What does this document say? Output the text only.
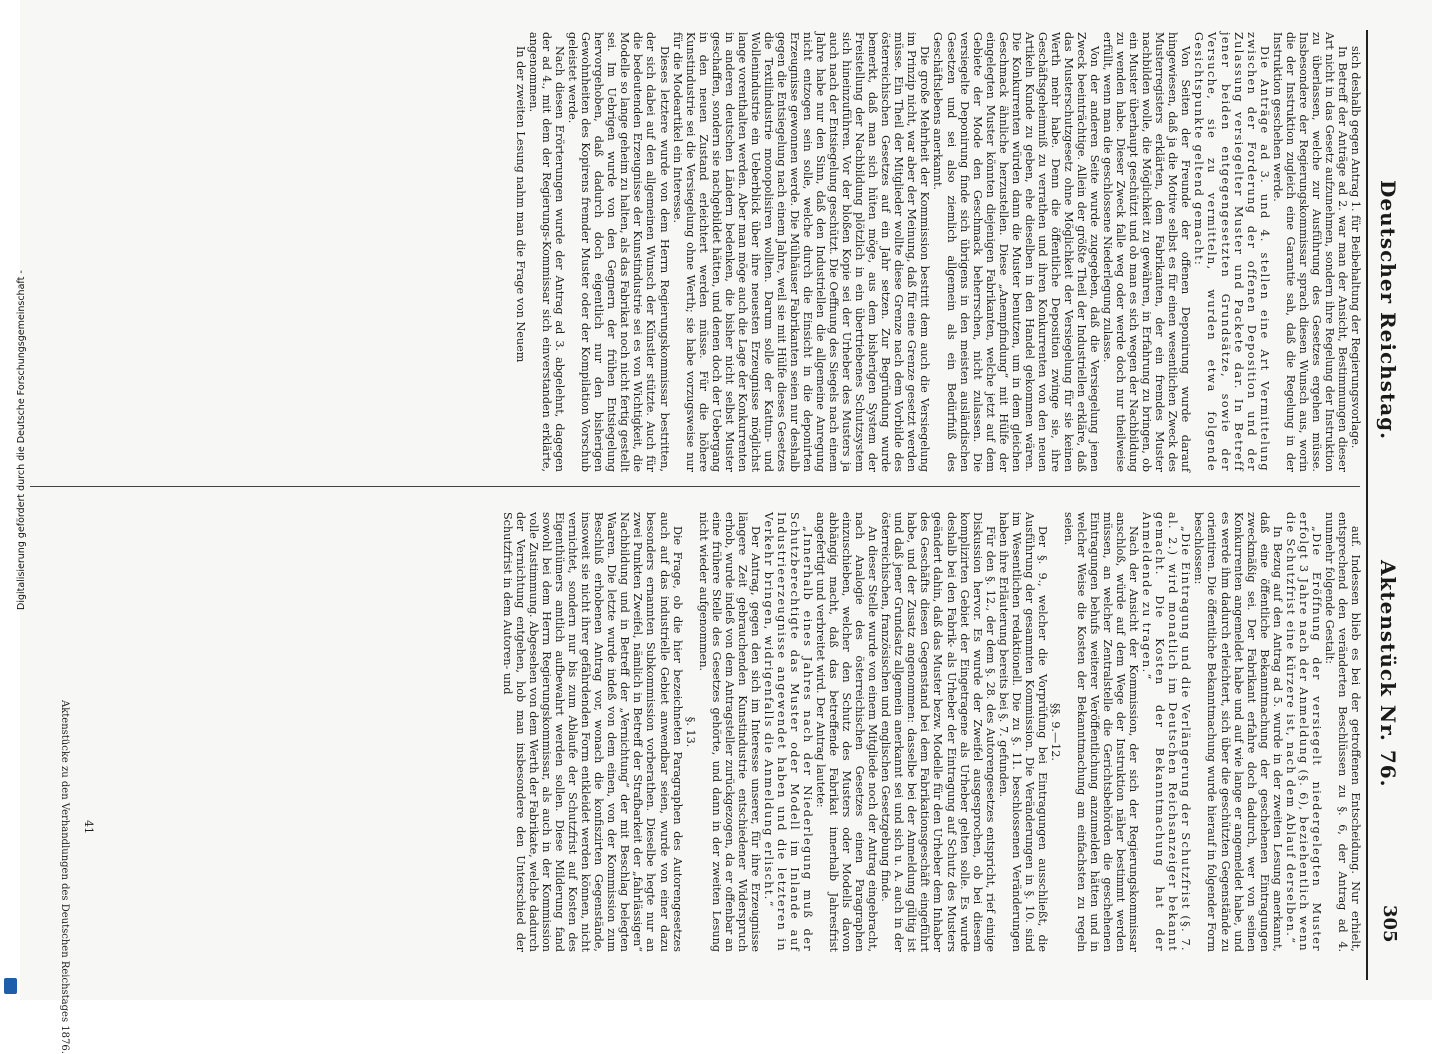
Deutscher Reichstag.
Aktenstück Nr. 76.
305

sich deshalb gegen Antrag 1. für Beibehaltung der Regierungsvorlage.

In Betreff der Anträge ad 2. war man der Ansicht, Bestimmungen dieser Art nicht in das Gesetz aufzunehmen, sondern ihre Regelung der Instruktion zu überlassen, welche zur Ausführung des Gesetzes ergehen müsse. Insbesondere der Regierungskommissar sprach diesen Wunsch aus, worin die der Instruktion zugleich eine Garantie sah, daß die Regelung in der Instruktion geschehen werde.

Die Anträge ad 3. und 4. stellen eine Art Vermittelung zwischen der Forderung der offenen Deposition und der Zulassung versiegelter Muster und Packete dar. In Betreff jener beiden entgegengesetzten Grundsätze, sowie der Versuche, sie zu vermitteln, wurden etwa folgende Gesichtspunkte geltend gemacht:

Von Seiten der Freunde der offenen Deponirung wurde darauf hingewiesen, daß ja die Motive selbst es für einen wesentlichen Zweck des Musterregisters erklärten, dem Fabrikanten, der ein fremdes Muster nachbilden wolle, die Möglichkeit zu gewähren, in Erfahrung zu bringen, ob ein Muster überhaupt geschützt und ob man es sich wegen der Nachbildung zu wenden habe. Dieser Zweck falle weg oder werde doch nur theilweise erfüllt, wenn man die geschlossene Niederlegung zulasse.

Von der anderen Seite wurde zugegeben, daß die Versiegelung jenen Zweck beeinträchtige. Allein der größte Theil der Industriellen erkläre, daß das Musterschutzgesetz ohne Möglichkeit der Versiegelung für sie keinen Werth mehr habe. Denn die öffentliche Deposition zwinge sie, ihre Geschäftsgeheimniß zu verrathen und ihren Konkurrenten von den neuen Artikeln Kunde zu geben, ehe dieselben in den Handel gekommen wären. Die Konkurrenten würden dann die Muster benutzen, um in dem gleichen Geschmack ähnliche herzustellen. Diese „Anempfindung“ mit Hülfe der eingelegten Muster könnten diejenigen Fabrikanten, welche jetzt auf dem Gebiete der Mode den Geschmack beherrschen, nicht zulassen. Die versiegelte Deponirung finde sich übrigens in den meisten ausländischen Gesetzen und sei also ziemlich allgemein als ein Bedürfniß des Geschäftslebens anerkannt.

Die große Mehrheit der Kommission bestritt dem auch die Versiegelung im Prinzip nicht, war aber der Meinung, daß für eine Grenze gesetzt werden müsse. Ein Theil der Mitglieder wollte diese Grenze nach dem Vorbilde des österreichischen Gesetzes auf ein Jahr setzen. Zur Begründung wurde bemerkt, daß man sich hüten möge, aus dem bisherigen System der Freistellung der Nachbildung plötzlich in ein übertriebenes Schutzsystem sich hineinzuführen. Vor der bloßen Kopie sei der Urheber des Musters ja auch nach der Entsiegelung geschützt. Die Oeffnung des Siegels nach einem Jahre habe nur den Sinn, daß den Industriellen die allgemeine Anregung nicht entzogen sein solle, welche durch die Einsicht in die deponirten Erzeugnisse gewonnen werde. Die Mülhäuser Fabrikanten seien nur deshalb gegen die Entsiegelung nach einem Jahre, weil sie mit Hülfe dieses Gesetzes die Textilindustrie monopolisiren wollten. Darum solle der Kattun- und Wollenindustrie ein Ueberblick über ihre neuesten Erzeugnisse möglichst lange vorenthalten werden. Aber man möge auch die Lage der Konkurrenten in anderen deutschen Ländern bedenken, die bisher nicht selbst Muster geschaffen, sondern sie nachgebildet hätten, und denen doch der Uebergang in den neuen Zustand erleichtert werden müsse. Für die höhere Kunstindustrie sei die Versiegelung ohne Werth; sie habe vorzugsweise nur für die Modeartikel ein Interesse.

Dieses letztere wurde von dem Herrn Regierungskommissar bestritten, der sich dabei auf den allgemeinen Wunsch der Künstler stützte. Auch für die bedeutenden Erzeugnisse der Kunstindustrie sei es von Wichtigkeit, die Modelle so lange geheim zu halten, als das Fabrikat noch nicht fertig gestellt sei. Im Uebrigen wurde von den Gegnern der frühen Entsiegelung hervorgehoben, daß dadurch doch eigentlich nur den bisherigen Gewohnheiten des Kopirens fremder Muster oder der Kompilation Vorschub geleistet werde.

Nach diesen Erörterungen wurde der Antrag ad 3. abgelehnt, dagegen der ad 4., mit dem der Regierungs-Kommissar sich einverstanden erklärte, angenommen.

In der zweiten Lesung nahm man die Frage von Neuem

auf. Indessen blieb es bei der getroffenen Entscheidung. Nur erhielt, entsprechend den veränderten Beschlüssen zu §. 6, der Antrag ad 4. nunmehr folgende Gestalt:

„Die Eröffnung der versiegelt niedergelegten Muster erfolgt 3 Jahre nach der Anmeldung (§. 6), beziehentlich wenn die Schutzfrist eine kürzere ist, nach dem Ablauf derselben.“

In Bezug auf den Antrag ad 5. wurde in der zweiten Lesung anerkannt, daß eine öffentliche Bekanntmachung der geschehenen Eintragungen zweckmäßig sei. Der Fabrikant erfahre doch dadurch, wer von seinen Konkurrenten angemeldet habe und auf wie lange er angemeldet habe, und es werde ihm dadurch erleichtert, sich über die geschützten Gegenstände zu orientiren. Die öffentliche Bekanntmachung wurde hierauf in folgender Form beschlossen:

„Die Eintragung und die Verlängerung der Schutzfrist (§. 7. al. 2.) wird monatlich im Deutschen Reichsanzeiger bekannt gemacht. Die Kosten der Bekanntmachung hat der Anmeldende zu tragen.“

Nach der Ansicht der Kommission, der sich der Regierungskommissar anschloß, würde auf dem Wege der Instruktion näher bestimmt werden müssen, an welcher Zentralstelle die Gerichtsbehörden die geschehenen Eintragungen behufs weiterer Veröffentlichung anzumelden hätten und in welcher Weise die Kosten der Bekanntmachung am einfachsten zu regeln seien.

§§. 9.—12.

Der §. 9., welcher die Vorprüfung bei Eintragungen ausschließt, die Ausführung der gesammten Kommission. Die Veränderungen in §. 10. sind im Wesentlichen redaktionell. Die zu §. 11. beschlossenen Veränderungen haben ihre Erläuterung bereits bei §. 7. gefunden.

Für den §. 12., der dem §. 28. des Autorengesetzes entspricht, rief einige Diskussion hervor. Es wurde der Zweifel ausgesprochen, ob bei diesem komplizirten Gebiet der Eingetragene als Urheber gelten solle. Es wurde deshalb bei den Fabrik- als Urheber der Eintragung auf Schutz des Musters geändert dahin, daß das Muster bezw. Modelle für den Urheber dem Inhaber des Geschäfts diesen Gegenstand bei dem Fabrikationsgeschäft eingeführt habe, und der Zusatz angenommen: dasselbe bei der Anmeldung gültig ist und daß jener Grundsatz allgemein anerkannt sei und sich u. A. auch in der österreichischen, französischen und englischen Gesetzgebung finde.

An dieser Stelle wurde von einem Mitgliede noch der Antrag eingebracht, nach Analogie des österreichischen Gesetzes einen Paragraphen einzuschieben, welcher den Schutz des Musters oder Modells davon abhängig macht, daß das betreffende Fabrikat innerhalb Jahresfrist angefertigt und verbreitet wird. Der Antrag lautete:

„Innerhalb eines Jahres nach der Niederlegung muß der Schutzberechtigte das Muster oder Modell im Inlande auf Industrieerzeugnisse angewendet haben und die letzteren in Verkehr bringen, widrigenfalls die Anmeldung erlischt.“

Der Antrag, gegen den sich im Interesse unserer, für ihre Erzeugnisse längere Zeit gebrauchenden Kunstindustrie entschiedener Widerspruch erhob, wurde indeß von dem Antragsteller zurückgezogen, da er offenbar an eine frühere Stelle des Gesetzes gehörte, und dann in der zweiten Lesung nicht wieder aufgenommen.

§. 13.

Die Frage, ob die hier bezeichneten Paragraphen des Autorengesetzes auch auf das industrielle Gebiet anwendbar seien, wurde von einer dazu besonders ernannten Subkommission vorberathen. Dieselbe hegte nur an zwei Punkten Zweifel, nämlich in Betreff der Strafbarkeit der „fahrlässigen“ Nachbildung und in Betreff der „Vernichtung“ der mit Beschlag belegten Waaren. Die letzte wurde indeß von dem einen, von der Kommission zum Beschluß erhobenen Antrag vor, wonach die konfiszirten Gegenstände, insoweit sie nicht ihrer gefährdenden Form entkleidet werden können, nicht vernichtet, sondern nur bis zum Ablaufe der Schutzfrist auf Kosten des Eigenthümers amtlich aufbewahrt werden sollen. Diese Milderung fand sowohl bei dem Herrn Regierungskommissar, als auch in der Kommission volle Zustimmung. Abgesehen von dem Werth der Fabrikate, welche dadurch der Vernichtung entgehen, hob man insbesondere den Unterschied der Schutzfrist in dem Autoren- und

Aktenstücke zu den Verhandlungen des Deutschen Reichstages 1876. 41
Digitalisierung gefördert durch die Deutsche Forschungsgemeinschaft -
